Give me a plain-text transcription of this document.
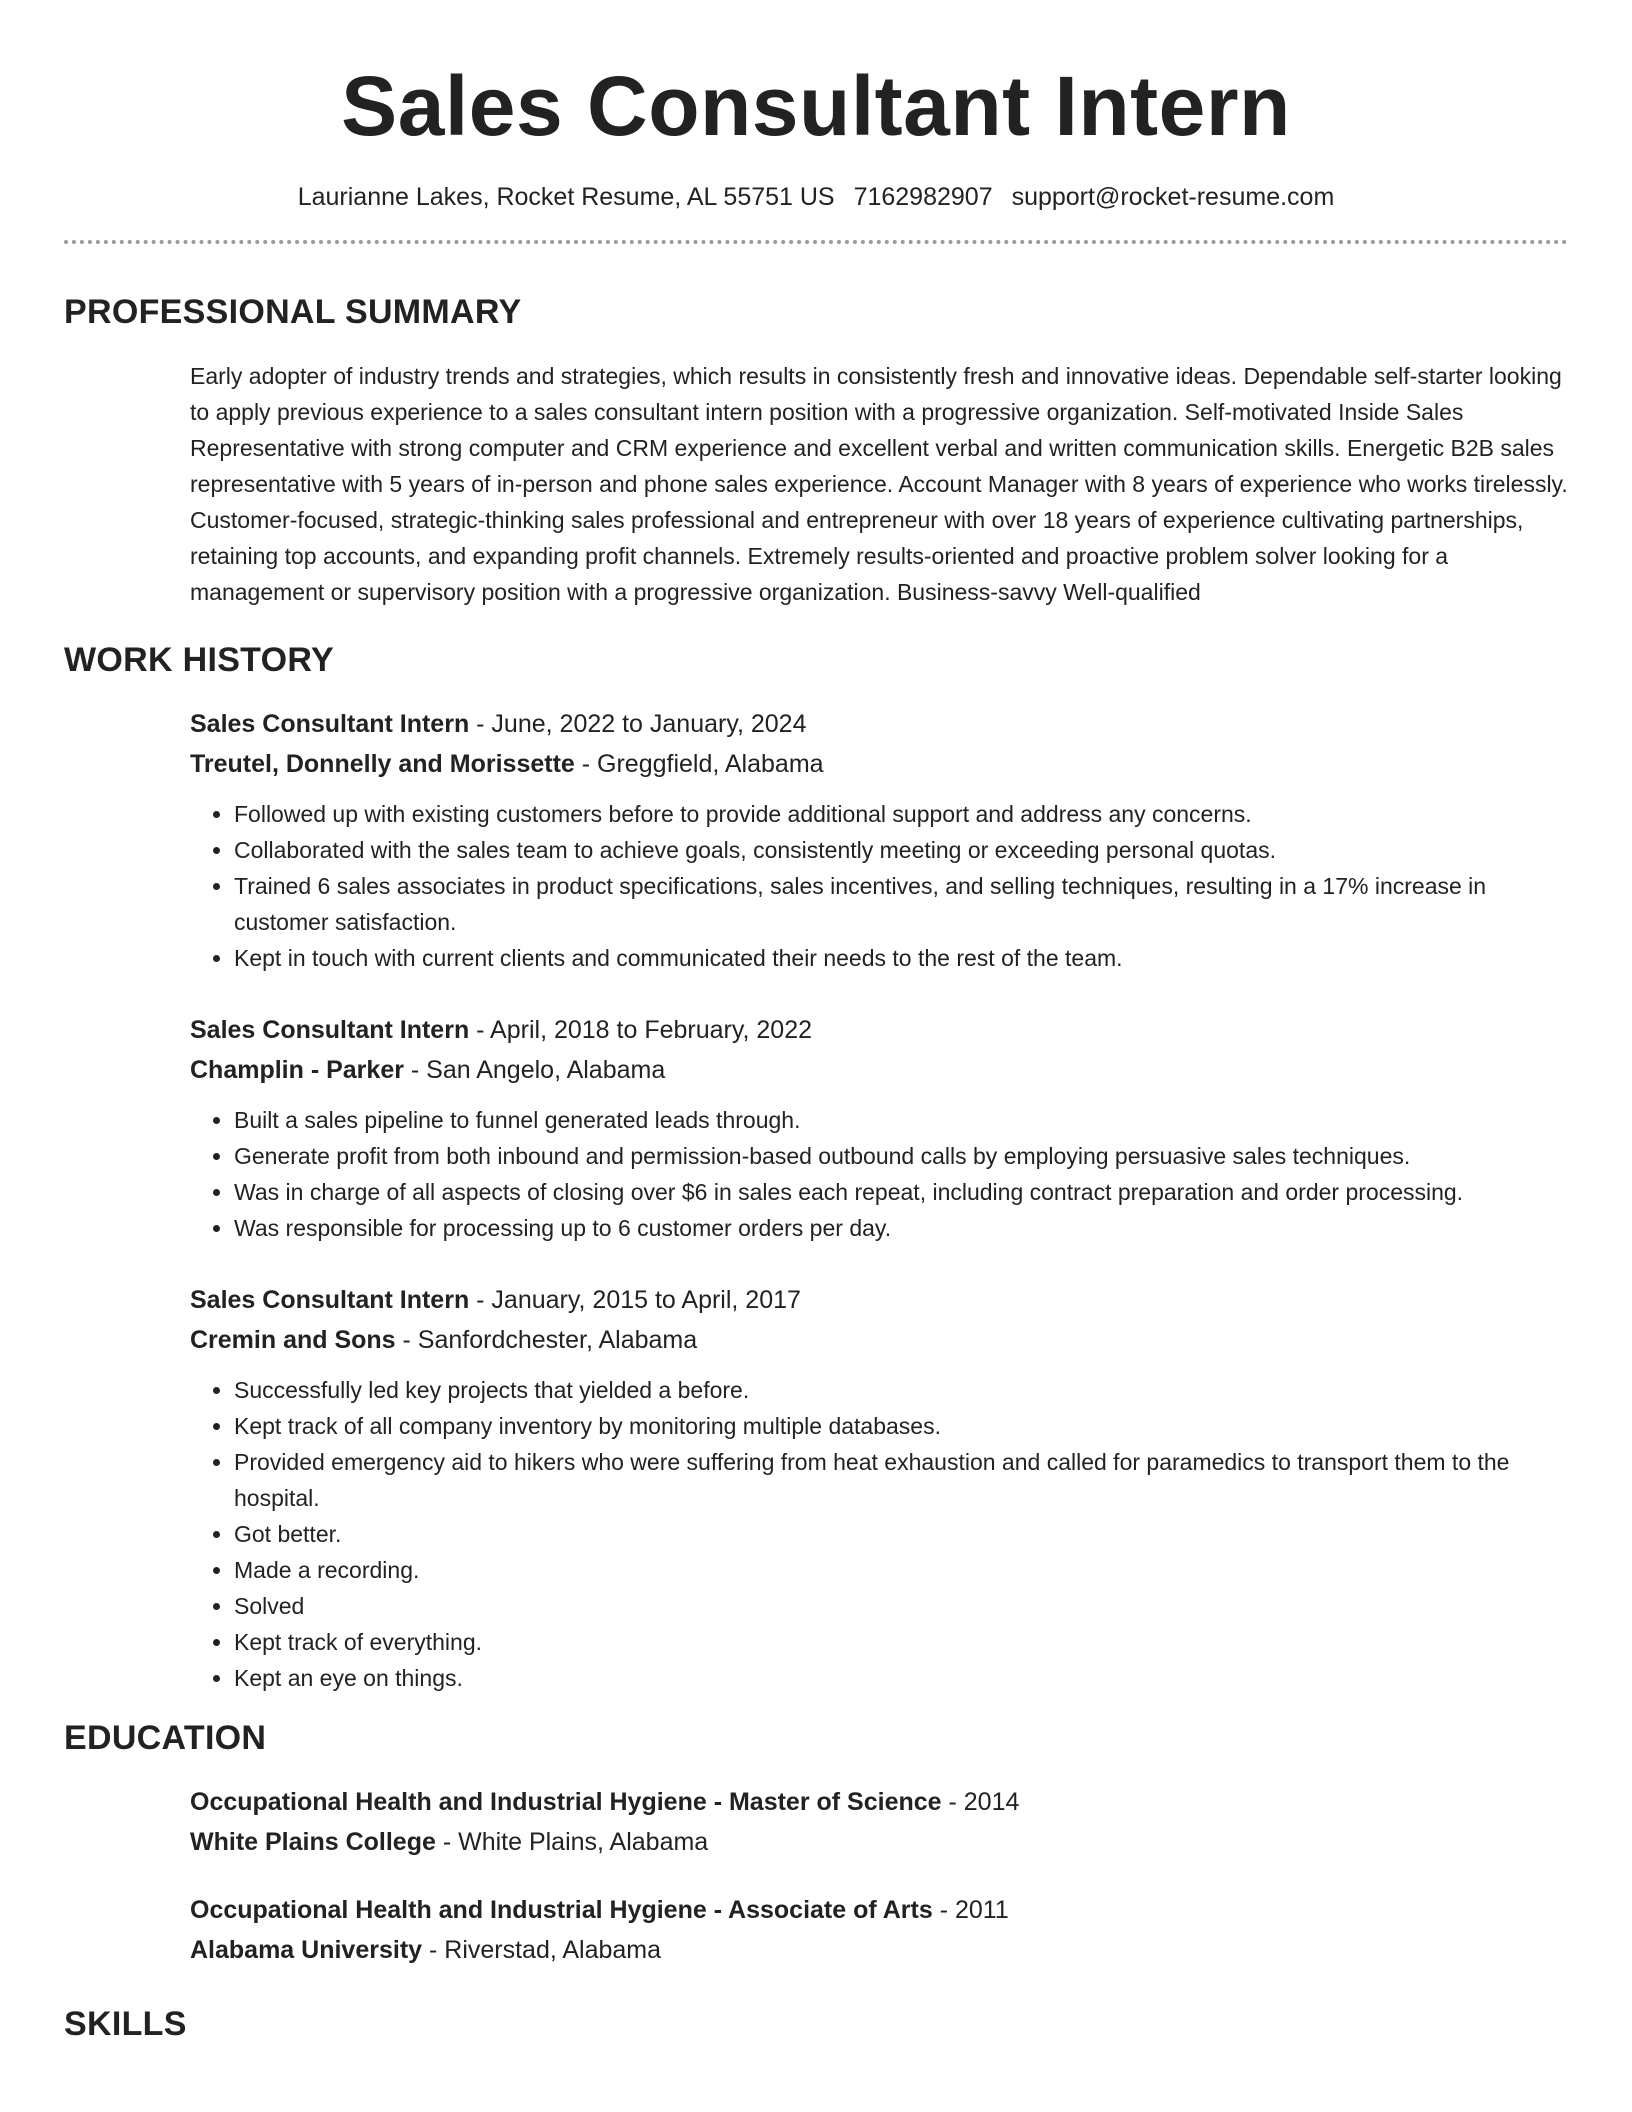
Sales Consultant Intern
Laurianne Lakes, Rocket Resume, AL 55751 US 7162982907 support@rocket-resume.com
PROFESSIONAL SUMMARY
Early adopter of industry trends and strategies, which results in consistently fresh and innovative ideas. Dependable self-starter looking to apply previous experience to a sales consultant intern position with a progressive organization. Self-motivated Inside Sales Representative with strong computer and CRM experience and excellent verbal and written communication skills. Energetic B2B sales representative with 5 years of in-person and phone sales experience. Account Manager with 8 years of experience who works tirelessly. Customer-focused, strategic-thinking sales professional and entrepreneur with over 18 years of experience cultivating partnerships, retaining top accounts, and expanding profit channels. Extremely results-oriented and proactive problem solver looking for a management or supervisory position with a progressive organization. Business-savvy Well-qualified
WORK HISTORY
Sales Consultant Intern - June, 2022 to January, 2024
Treutel, Donnelly and Morissette - Greggfield, Alabama
• Followed up with existing customers before to provide additional support and address any concerns.
• Collaborated with the sales team to achieve goals, consistently meeting or exceeding personal quotas.
• Trained 6 sales associates in product specifications, sales incentives, and selling techniques, resulting in a 17% increase in customer satisfaction.
• Kept in touch with current clients and communicated their needs to the rest of the team.
Sales Consultant Intern - April, 2018 to February, 2022
Champlin - Parker - San Angelo, Alabama
• Built a sales pipeline to funnel generated leads through.
• Generate profit from both inbound and permission-based outbound calls by employing persuasive sales techniques.
• Was in charge of all aspects of closing over $6 in sales each repeat, including contract preparation and order processing.
• Was responsible for processing up to 6 customer orders per day.
Sales Consultant Intern - January, 2015 to April, 2017
Cremin and Sons - Sanfordchester, Alabama
• Successfully led key projects that yielded a before.
• Kept track of all company inventory by monitoring multiple databases.
• Provided emergency aid to hikers who were suffering from heat exhaustion and called for paramedics to transport them to the hospital.
• Got better.
• Made a recording.
• Solved
• Kept track of everything.
• Kept an eye on things.
EDUCATION
Occupational Health and Industrial Hygiene - Master of Science - 2014
White Plains College - White Plains, Alabama
Occupational Health and Industrial Hygiene - Associate of Arts - 2011
Alabama University - Riverstad, Alabama
SKILLS
